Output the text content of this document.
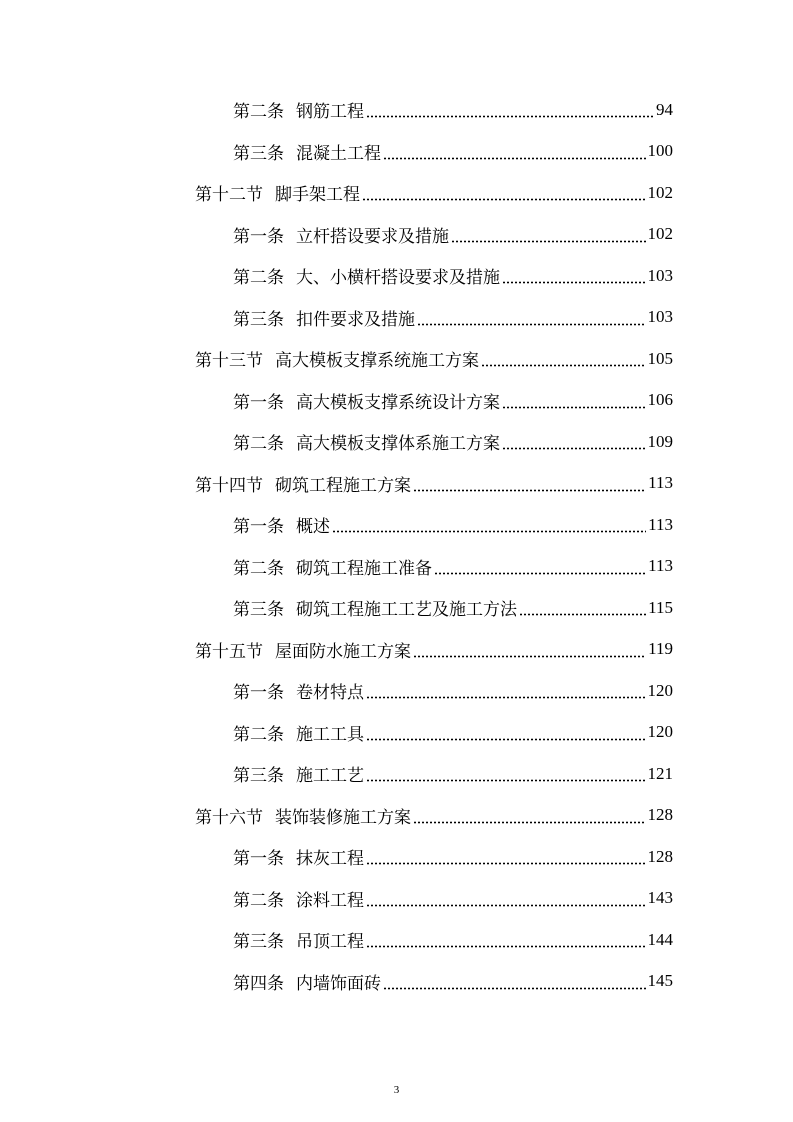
第二条 钢筋工程	94
第三条 混凝土工程	100
第十二节 脚手架工程	102
第一条 立杆搭设要求及措施	102
第二条 大、小横杆搭设要求及措施	103
第三条 扣件要求及措施	103
第十三节 高大模板支撑系统施工方案	105
第一条 高大模板支撑系统设计方案	106
第二条 高大模板支撑体系施工方案	109
第十四节 砌筑工程施工方案	113
第一条 概述	113
第二条 砌筑工程施工准备	113
第三条 砌筑工程施工工艺及施工方法	115
第十五节 屋面防水施工方案	119
第一条 卷材特点	120
第二条 施工工具	120
第三条 施工工艺	121
第十六节 装饰装修施工方案	128
第一条 抹灰工程	128
第二条 涂料工程	143
第三条 吊顶工程	144
第四条 内墙饰面砖	145
3
